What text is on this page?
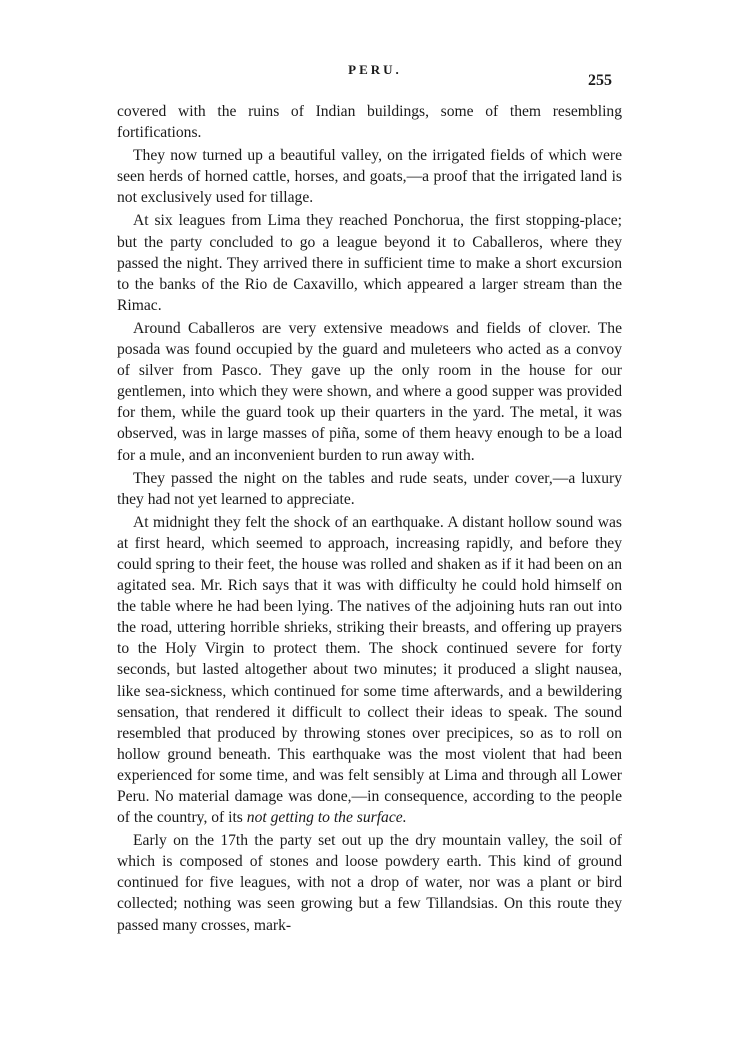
PERU.
255

covered with the ruins of Indian buildings, some of them resembling fortifications.

They now turned up a beautiful valley, on the irrigated fields of which were seen herds of horned cattle, horses, and goats,—a proof that the irrigated land is not exclusively used for tillage.

At six leagues from Lima they reached Ponchorua, the first stopping-place; but the party concluded to go a league beyond it to Caballeros, where they passed the night. They arrived there in sufficient time to make a short excursion to the banks of the Rio de Caxavillo, which appeared a larger stream than the Rimac.

Around Caballeros are very extensive meadows and fields of clover. The posada was found occupied by the guard and muleteers who acted as a convoy of silver from Pasco. They gave up the only room in the house for our gentlemen, into which they were shown, and where a good supper was provided for them, while the guard took up their quarters in the yard. The metal, it was observed, was in large masses of piña, some of them heavy enough to be a load for a mule, and an inconvenient burden to run away with.

They passed the night on the tables and rude seats, under cover,—a luxury they had not yet learned to appreciate.

At midnight they felt the shock of an earthquake. A distant hollow sound was at first heard, which seemed to approach, increasing rapidly, and before they could spring to their feet, the house was rolled and shaken as if it had been on an agitated sea. Mr. Rich says that it was with difficulty he could hold himself on the table where he had been lying. The natives of the adjoining huts ran out into the road, uttering horrible shrieks, striking their breasts, and offering up prayers to the Holy Virgin to protect them. The shock continued severe for forty seconds, but lasted altogether about two minutes; it produced a slight nausea, like sea-sickness, which continued for some time afterwards, and a bewildering sensation, that rendered it difficult to collect their ideas to speak. The sound resembled that produced by throwing stones over precipices, so as to roll on hollow ground beneath. This earthquake was the most violent that had been experienced for some time, and was felt sensibly at Lima and through all Lower Peru. No material damage was done,—in consequence, according to the people of the country, of its not getting to the surface.

Early on the 17th the party set out up the dry mountain valley, the soil of which is composed of stones and loose powdery earth. This kind of ground continued for five leagues, with not a drop of water, nor was a plant or bird collected; nothing was seen growing but a few Tillandsias. On this route they passed many crosses, mark-
